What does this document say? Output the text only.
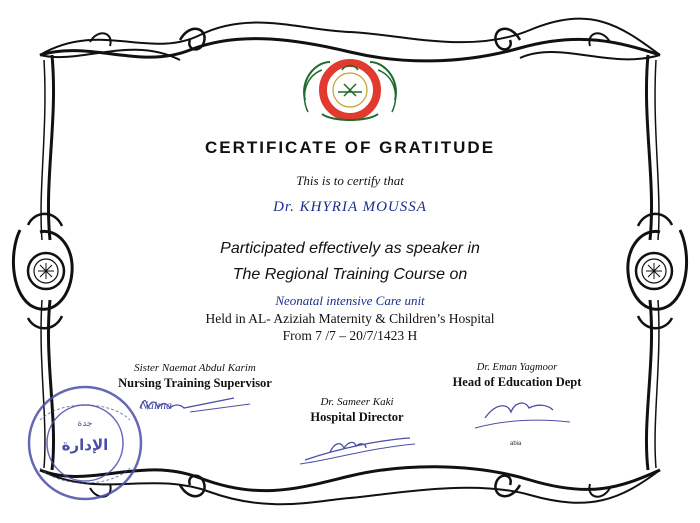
جدة
الإدارة
CERTIFICATE OF GRATITUDE
This is to certify that
Dr. KHYRIA MOUSSA
Participated effectively as speaker in
The Regional Training Course on
Neonatal intensive Care unit
Held in AL- Aziziah Maternity & Children’s Hospital
From 7 /7 – 20/7/1423 H
Sister Naemat Abdul Karim
Nursing Training Supervisor
Naima	Dr. Sameer Kaki
Hospital Director
Dr. Eman Yagmoor
Head of Education Dept
abia
